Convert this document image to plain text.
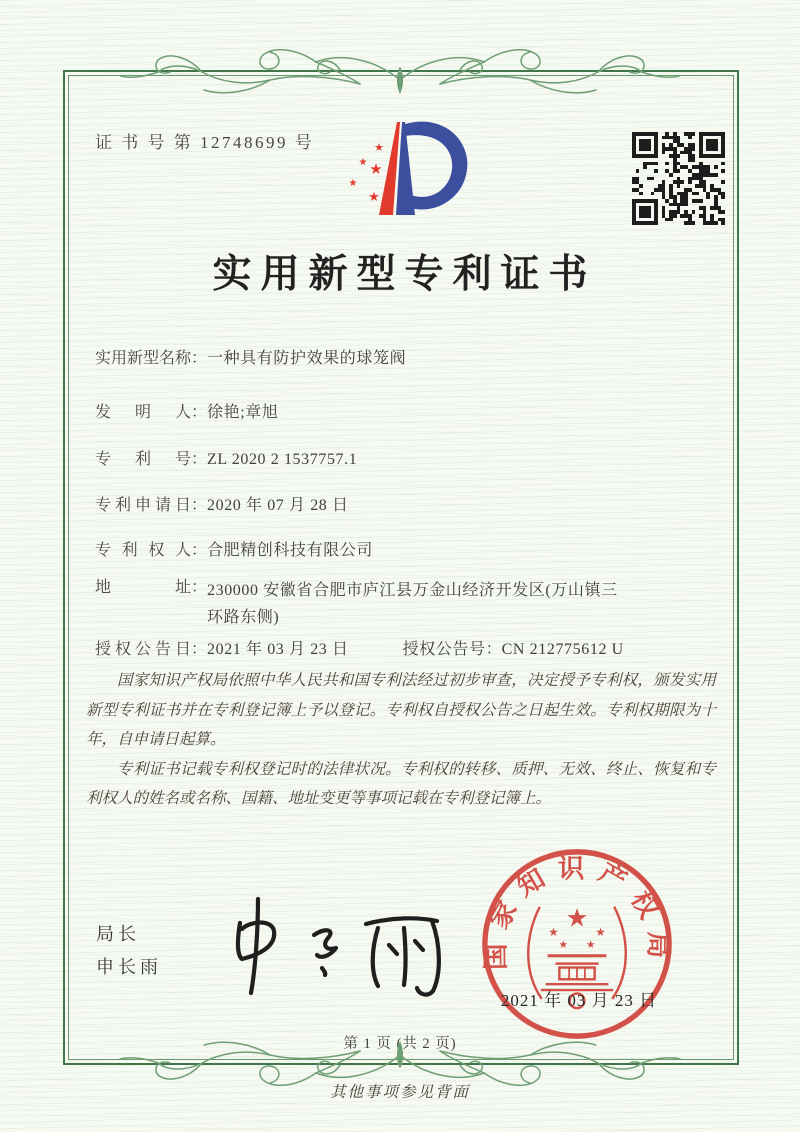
证 书 号 第 12748699 号	★
★ ★
★
★
实用新型专利证书
实用新型名称：一种具有防护效果的球笼阀
发明人：徐艳;章旭
专利号：ZL 2020 2 1537757.1
专利申请日：2020 年 07 月 28 日
专利权人：合肥精创科技有限公司
地址：230000 安徽省合肥市庐江县万金山经济开发区(万山镇三环路东侧)
授权公告日：2021 年 03 月 23 日	授权公告号：CN 212775612 U

国家知识产权局依照中华人民共和国专利法经过初步审查，决定授予专利权，颁发实用新型专利证书并在专利登记簿上予以登记。专利权自授权公告之日起生效。专利权期限为十年，自申请日起算。

专利证书记载专利权登记时的法律状况。专利权的转移、质押、无效、终止、恢复和专利权人的姓名或名称、国籍、地址变更等事项记载在专利登记簿上。

局长
申长雨	国家知识产权局
★
★	★
★ ★
2021 年 03 月 23 日
第 1 页 (共 2 页)
其他事项参见背面
